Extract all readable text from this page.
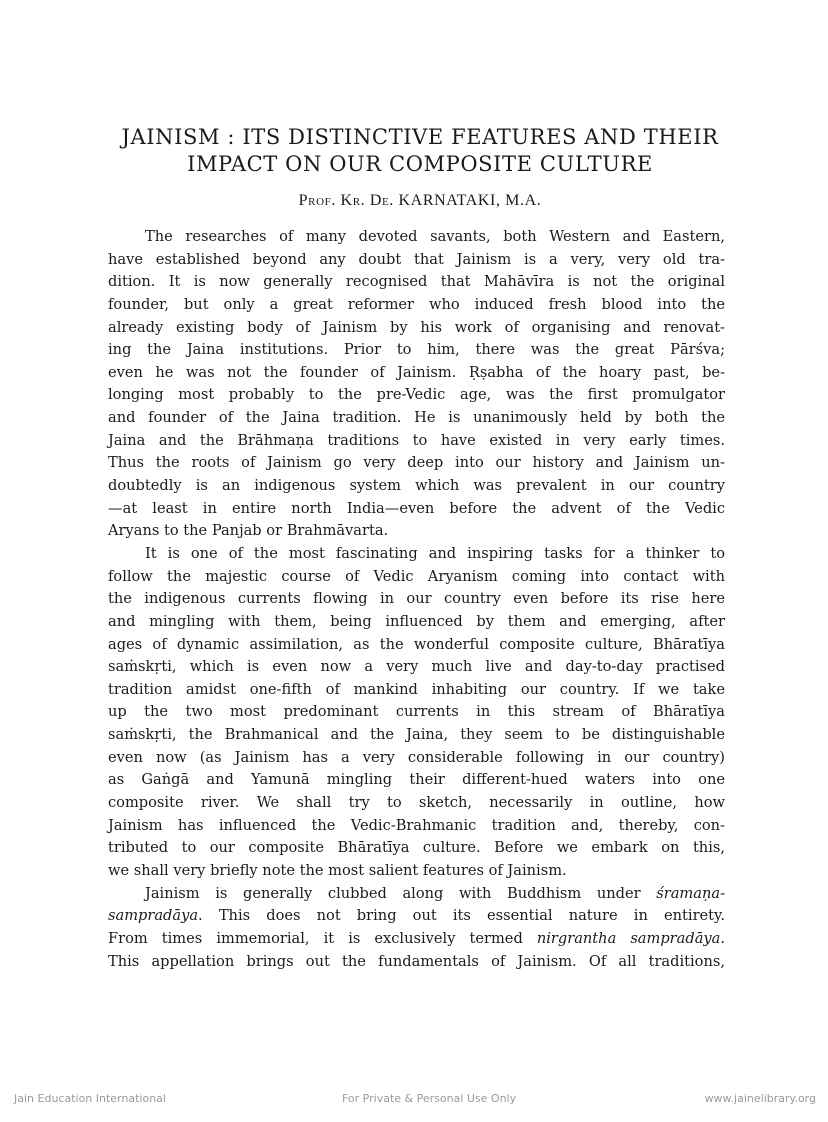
JAINISM : ITS DISTINCTIVE FEATURES AND THEIR
IMPACT ON OUR COMPOSITE CULTURE
Prof. Kr. De. KARNATAKI, M.A.
The researches of many devoted savants, both Western and Eastern,
have established beyond any doubt that Jainism is a very, very old tra-
dition. It is now generally recognised that Mahāvīra is not the original
founder, but only a great reformer who induced fresh blood into the
already existing body of Jainism by his work of organising and renovat-
ing the Jaina institutions. Prior to him, there was the great Pārśva;
even he was not the founder of Jainism. Ṛṣabha of the hoary past, be-
longing most probably to the pre-Vedic age, was the first promulgator
and founder of the Jaina tradition. He is unanimously held by both the
Jaina and the Brāhmaṇa traditions to have existed in very early times.
Thus the roots of Jainism go very deep into our history and Jainism un-
doubtedly is an indigenous system which was prevalent in our country
—at least in entire north India—even before the advent of the Vedic
Aryans to the Panjab or Brahmāvarta.
It is one of the most fascinating and inspiring tasks for a thinker to
follow the majestic course of Vedic Aryanism coming into contact with
the indigenous currents flowing in our country even before its rise here
and mingling with them, being influenced by them and emerging, after
ages of dynamic assimilation, as the wonderful composite culture, Bhāratīya
saṁskṛti, which is even now a very much live and day-to-day practised
tradition amidst one-fifth of mankind inhabiting our country. If we take
up the two most predominant currents in this stream of Bhāratīya
saṁskṛti, the Brahmanical and the Jaina, they seem to be distinguishable
even now (as Jainism has a very considerable following in our country)
as Gaṅgā and Yamunā mingling their different-hued waters into one
composite river. We shall try to sketch, necessarily in outline, how
Jainism has influenced the Vedic-Brahmanic tradition and, thereby, con-
tributed to our composite Bhāratīya culture. Before we embark on this,
we shall very briefly note the most salient features of Jainism.
Jainism is generally clubbed along with Buddhism under śramaṇa-
sampradāya. This does not bring out its essential nature in entirety.
From times immemorial, it is exclusively termed nirgrantha sampradāya.
This appellation brings out the fundamentals of Jainism. Of all traditions,
Jain Education International	For Private & Personal Use Only	www.jainelibrary.org
